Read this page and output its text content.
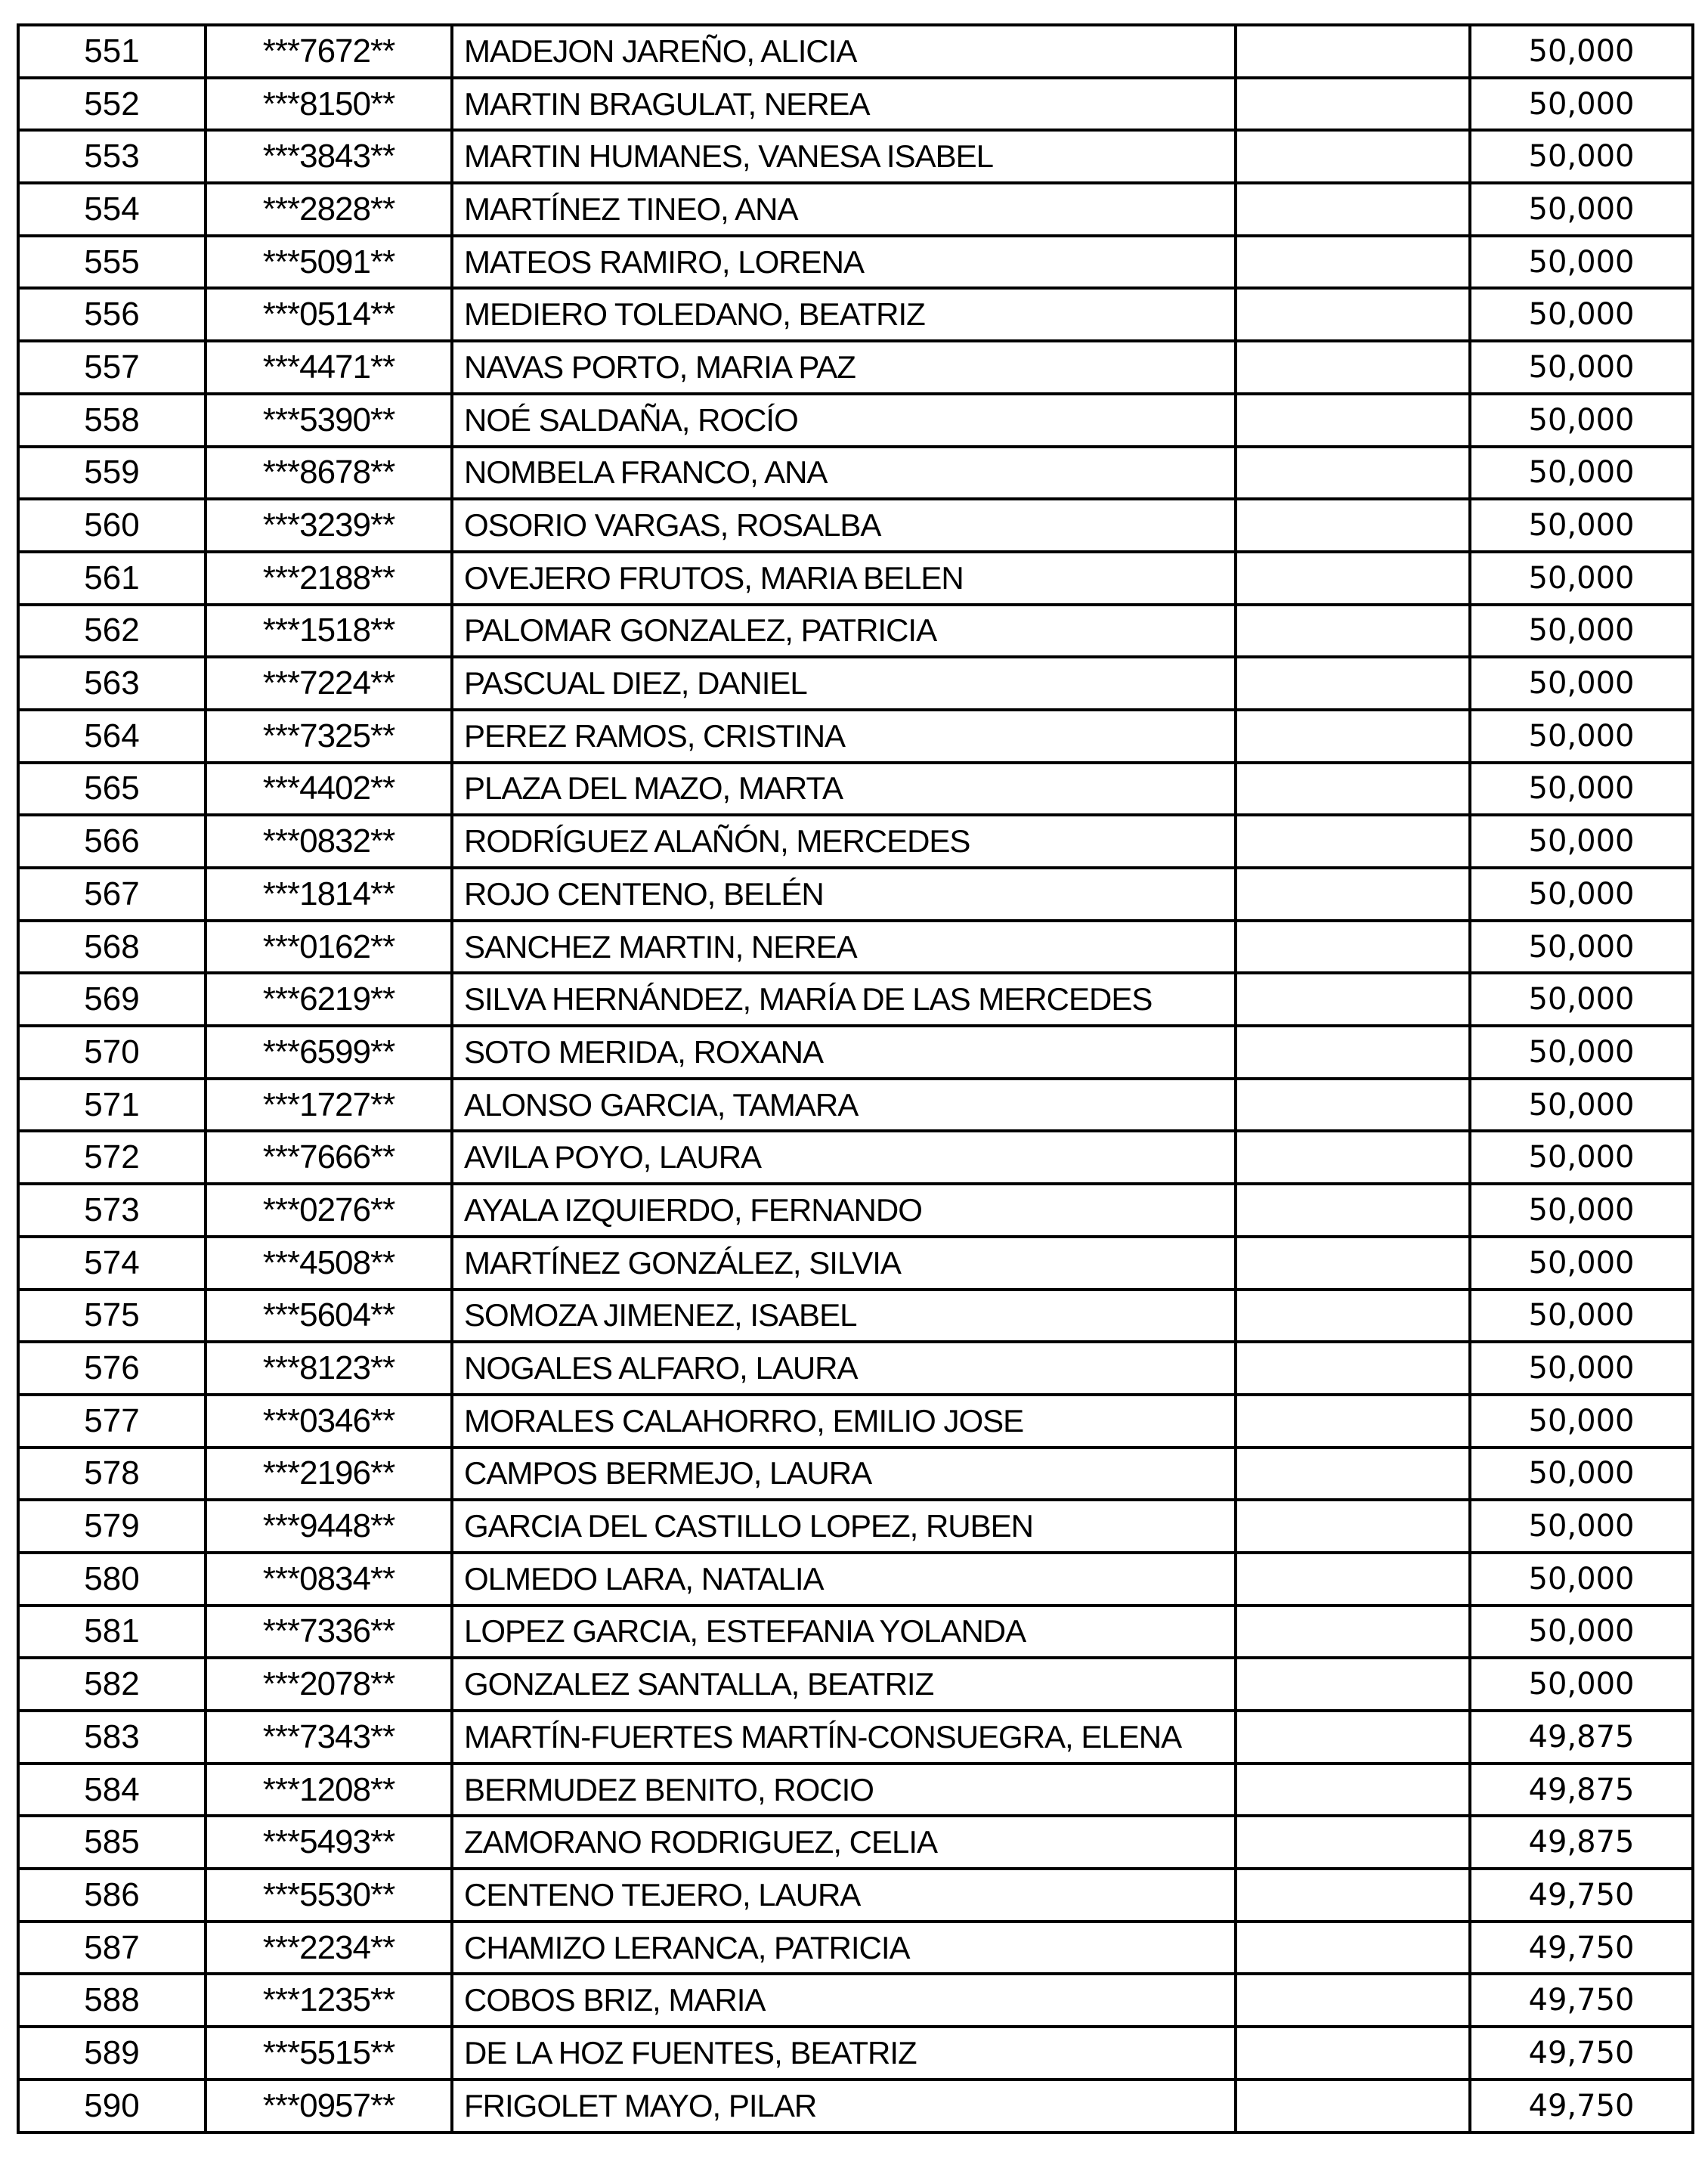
551	***7672**	MADEJON JAREÑO, ALICIA		50,000
552	***8150**	MARTIN BRAGULAT, NEREA		50,000
553	***3843**	MARTIN HUMANES, VANESA ISABEL		50,000
554	***2828**	MARTÍNEZ TINEO, ANA		50,000
555	***5091**	MATEOS RAMIRO, LORENA		50,000
556	***0514**	MEDIERO TOLEDANO, BEATRIZ		50,000
557	***4471**	NAVAS PORTO, MARIA PAZ		50,000
558	***5390**	NOÉ SALDAÑA, ROCÍO		50,000
559	***8678**	NOMBELA FRANCO, ANA		50,000
560	***3239**	OSORIO VARGAS, ROSALBA		50,000
561	***2188**	OVEJERO FRUTOS, MARIA BELEN		50,000
562	***1518**	PALOMAR GONZALEZ, PATRICIA		50,000
563	***7224**	PASCUAL DIEZ, DANIEL		50,000
564	***7325**	PEREZ RAMOS, CRISTINA		50,000
565	***4402**	PLAZA DEL MAZO, MARTA		50,000
566	***0832**	RODRÍGUEZ ALAÑÓN, MERCEDES		50,000
567	***1814**	ROJO CENTENO, BELÉN		50,000
568	***0162**	SANCHEZ MARTIN, NEREA		50,000
569	***6219**	SILVA HERNÁNDEZ, MARÍA DE LAS MERCEDES		50,000
570	***6599**	SOTO MERIDA, ROXANA		50,000
571	***1727**	ALONSO GARCIA, TAMARA		50,000
572	***7666**	AVILA POYO, LAURA		50,000
573	***0276**	AYALA IZQUIERDO, FERNANDO		50,000
574	***4508**	MARTÍNEZ GONZÁLEZ, SILVIA		50,000
575	***5604**	SOMOZA JIMENEZ, ISABEL		50,000
576	***8123**	NOGALES ALFARO, LAURA		50,000
577	***0346**	MORALES CALAHORRO, EMILIO JOSE		50,000
578	***2196**	CAMPOS BERMEJO, LAURA		50,000
579	***9448**	GARCIA DEL CASTILLO LOPEZ, RUBEN		50,000
580	***0834**	OLMEDO LARA, NATALIA		50,000
581	***7336**	LOPEZ GARCIA, ESTEFANIA YOLANDA		50,000
582	***2078**	GONZALEZ SANTALLA, BEATRIZ		50,000
583	***7343**	MARTÍN-FUERTES MARTÍN-CONSUEGRA, ELENA		49,875
584	***1208**	BERMUDEZ BENITO, ROCIO		49,875
585	***5493**	ZAMORANO RODRIGUEZ, CELIA		49,875
586	***5530**	CENTENO TEJERO, LAURA		49,750
587	***2234**	CHAMIZO LERANCA, PATRICIA		49,750
588	***1235**	COBOS BRIZ, MARIA		49,750
589	***5515**	DE LA HOZ FUENTES, BEATRIZ		49,750
590	***0957**	FRIGOLET MAYO, PILAR		49,750
